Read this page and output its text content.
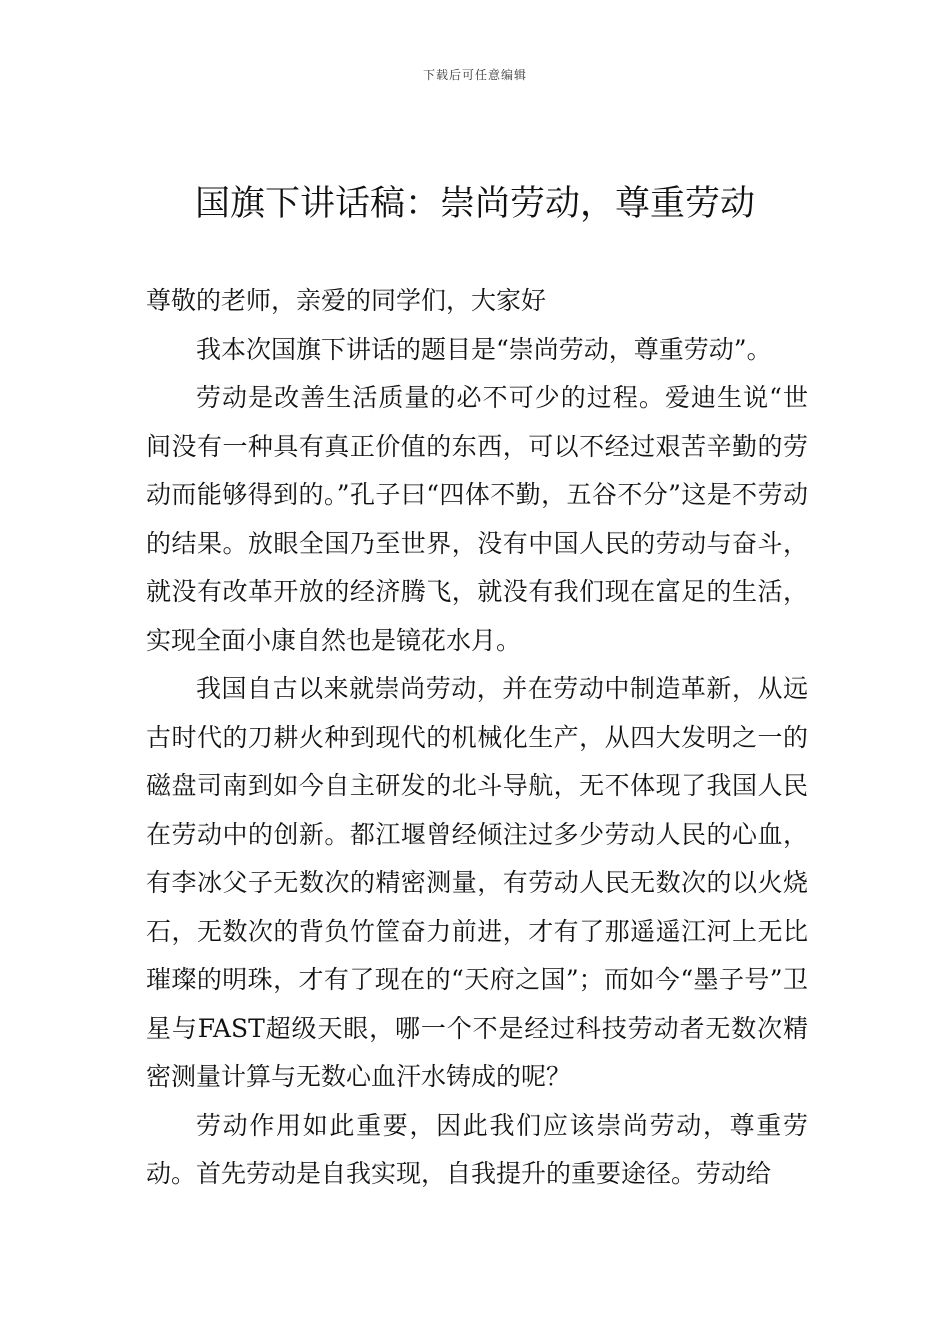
下载后可任意编辑
国旗下讲话稿：崇尚劳动，尊重劳动

尊敬的老师，亲爱的同学们，大家好

我本次国旗下讲话的题目是“崇尚劳动，尊重劳动”。

劳动是改善生活质量的必不可少的过程。爱迪生说“世间没有一种具有真正价值的东西，可以不经过艰苦辛勤的劳动而能够得到的。”孔子曰“四体不勤，五谷不分”这是不劳动的结果。放眼全国乃至世界，没有中国人民的劳动与奋斗，就没有改革开放的经济腾飞，就没有我们现在富足的生活，实现全面小康自然也是镜花水月。

我国自古以来就崇尚劳动，并在劳动中制造革新，从远古时代的刀耕火种到现代的机械化生产，从四大发明之一的磁盘司南到如今自主研发的北斗导航，无不体现了我国人民在劳动中的创新。都江堰曾经倾注过多少劳动人民的心血，有李冰父子无数次的精密测量，有劳动人民无数次的以火烧石，无数次的背负竹筐奋力前进，才有了那遥遥江河上无比璀璨的明珠，才有了现在的“天府之国”；而如今“墨子号”卫星与FAST超级天眼，哪一个不是经过科技劳动者无数次精密测量计算与无数心血汗水铸成的呢？

劳动作用如此重要，因此我们应该崇尚劳动，尊重劳动。首先劳动是自我实现，自我提升的重要途径。劳动给
